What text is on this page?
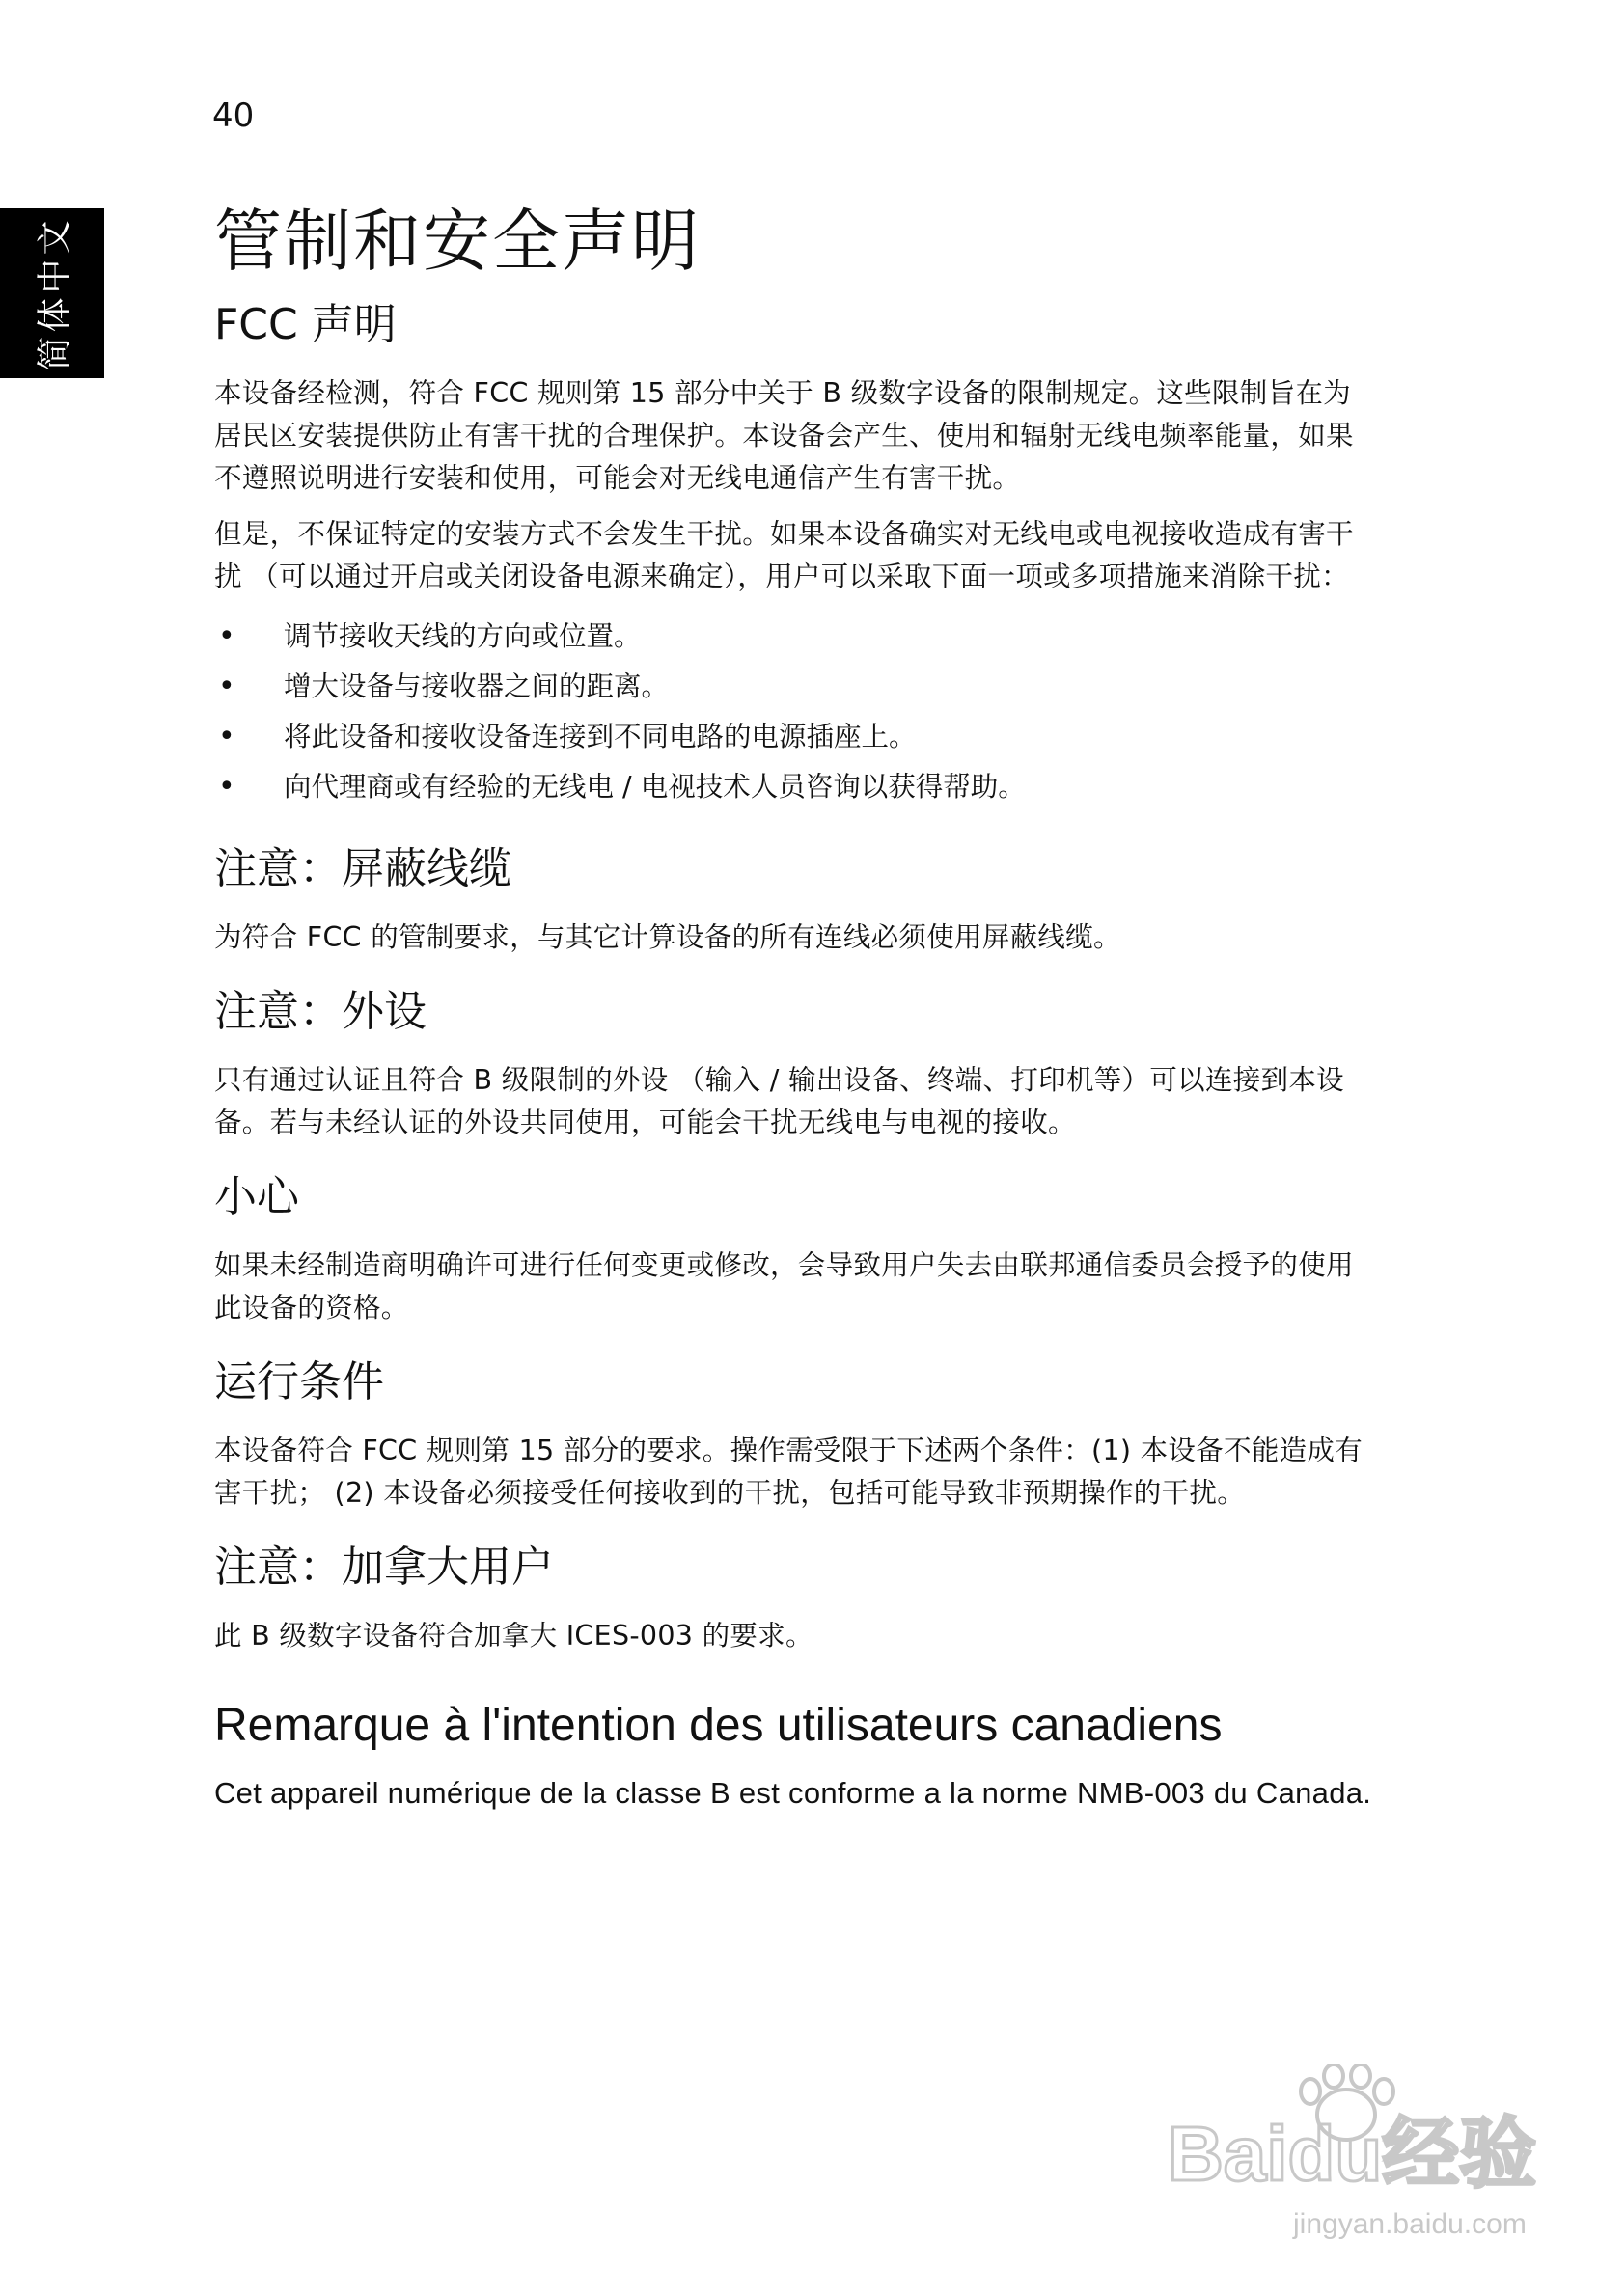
40
简体中文 管制和安全声明
FCC 声明

本设备经检测，符合 FCC 规则第 15 部分中关于 B 级数字设备的限制规定。这些限制旨在为居民区安装提供防止有害干扰的合理保护。本设备会产生、使用和辐射无线电频率能量，如果不遵照说明进行安装和使用，可能会对无线电通信产生有害干扰。

但是，不保证特定的安装方式不会发生干扰。如果本设备确实对无线电或电视接收造成有害干扰 （可以通过开启或关闭设备电源来确定），用户可以采取下面一项或多项措施来消除干扰：

• 调节接收天线的方向或位置。
• 增大设备与接收器之间的距离。
• 将此设备和接收设备连接到不同电路的电源插座上。
• 向代理商或有经验的无线电 / 电视技术人员咨询以获得帮助。
注意：屏蔽线缆

为符合 FCC 的管制要求，与其它计算设备的所有连线必须使用屏蔽线缆。

注意：外设

只有通过认证且符合 B 级限制的外设 （输入 / 输出设备、终端、打印机等）可以连接到本设备。若与未经认证的外设共同使用，可能会干扰无线电与电视的接收。

小心

如果未经制造商明确许可进行任何变更或修改，会导致用户失去由联邦通信委员会授予的使用此设备的资格。

运行条件

本设备符合 FCC 规则第 15 部分的要求。操作需受限于下述两个条件：(1) 本设备不能造成有害干扰； (2) 本设备必须接受任何接收到的干扰，包括可能导致非预期操作的干扰。

注意：加拿大用户

此 B 级数字设备符合加拿大 ICES-003 的要求。

Remarque à l'intention des utilisateurs canadiens

Cet appareil numérique de la classe B est conforme a la norme NMB-003 du Canada.

Baidu经验
jingyan.baidu.com
